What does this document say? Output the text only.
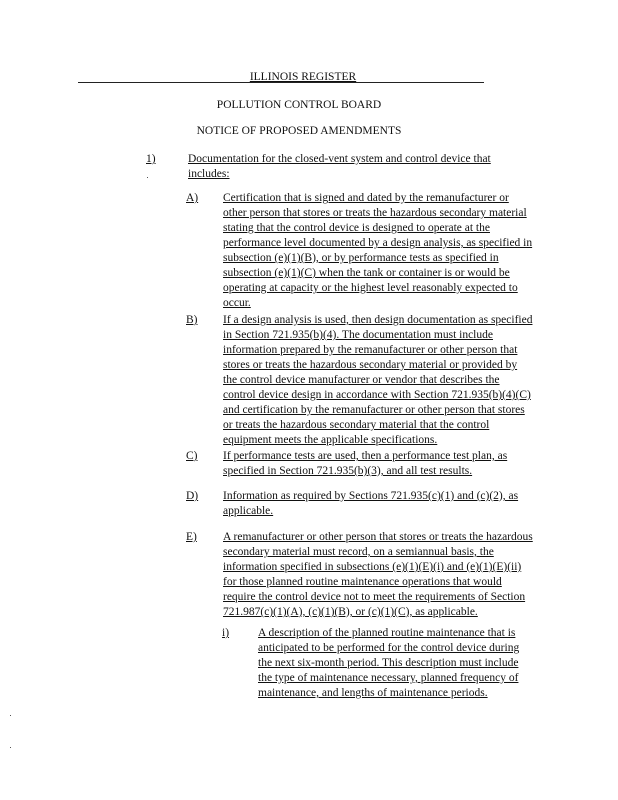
ILLINOIS REGISTER
POLLUTION CONTROL BOARD
NOTICE OF PROPOSED AMENDMENTS
1)	Documentation for the closed-vent system and control device that
includes:
A) Certification that is signed and dated by the remanufacturer or
other person that stores or treats the hazardous secondary material
stating that the control device is designed to operate at the
performance level documented by a design analysis, as specified in
subsection (e)(1)(B), or by performance tests as specified in
subsection (e)(1)(C) when the tank or container is or would be
operating at capacity or the highest level reasonably expected to
occur.
B) If a design analysis is used, then design documentation as specified
in Section 721.935(b)(4). The documentation must include
information prepared by the remanufacturer or other person that
stores or treats the hazardous secondary material or provided by
the control device manufacturer or vendor that describes the
control device design in accordance with Section 721.935(b)(4)(C)
and certification by the remanufacturer or other person that stores
or treats the hazardous secondary material that the control
equipment meets the applicable specifications.
C) If performance tests are used, then a performance test plan, as
specified in Section 721.935(b)(3), and all test results.
D) Information as required by Sections 721.935(c)(1) and (c)(2), as
applicable.
E) A remanufacturer or other person that stores or treats the hazardous
secondary material must record, on a semiannual basis, the
information specified in subsections (e)(1)(E)(i) and (e)(1)(E)(ii)
for those planned routine maintenance operations that would
require the control device not to meet the requirements of Section
721.987(c)(1)(A), (c)(1)(B), or (c)(1)(C), as applicable.
i)	A description of the planned routine maintenance that is
anticipated to be performed for the control device during
the next six-month period. This description must include
the type of maintenance necessary, planned frequency of
maintenance, and lengths of maintenance periods.
